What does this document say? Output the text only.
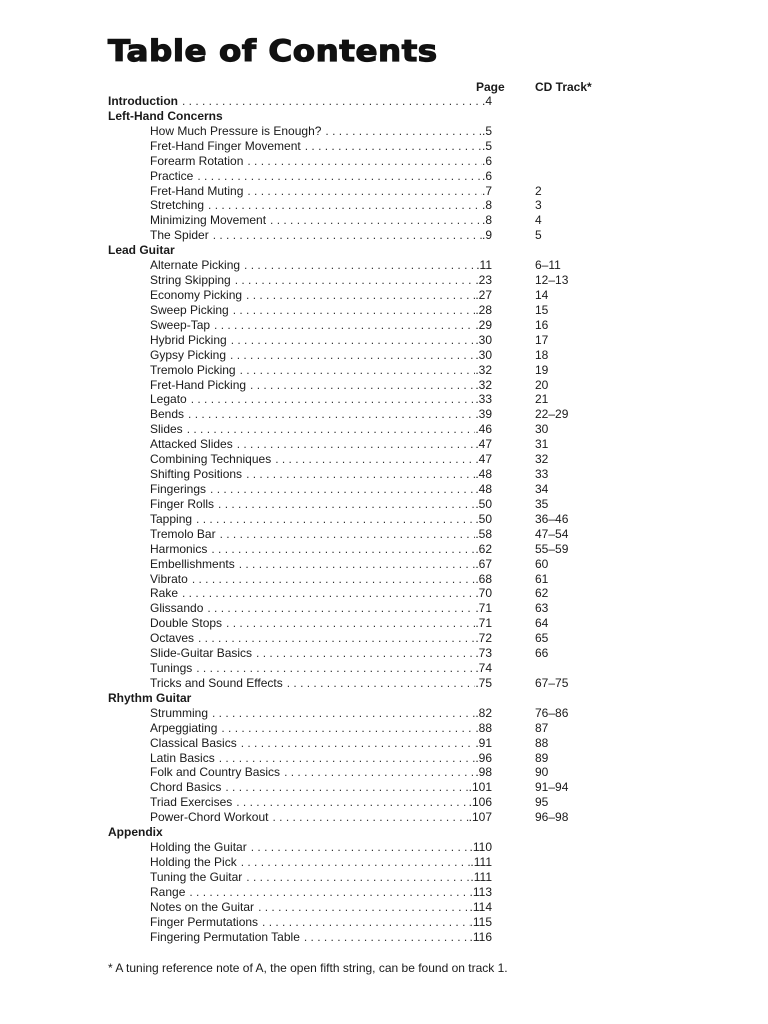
Table of Contents
Page	CD Track*
Introduction . . .	.4
Left-Hand Concerns
How Much Pressure is Enough? . . .	.5
Fret-Hand Finger Movement . . .	.5
Forearm Rotation . . .	.6
Practice . . .	.6
Fret-Hand Muting . . .	.7	2
Stretching . . .	.8	3
Minimizing Movement . . .	.8	4
The Spider . . .	.9	5
Lead Guitar
Alternate Picking . . .	.11	6–11
String Skipping . . .	.23	12–13
Economy Picking . . .	.27	14
Sweep Picking . . .	.28	15
Sweep-Tap . . .	.29	16
Hybrid Picking . . .	.30	17
Gypsy Picking . . .	.30	18
Tremolo Picking . . .	.32	19
Fret-Hand Picking . . .	.32	20
Legato . . .	.33	21
Bends . . .	.39	22–29
Slides . . .	.46	30
Attacked Slides . . .	.47	31
Combining Techniques . . .	.47	32
Shifting Positions . . .	.48	33
Fingerings . . .	.48	34
Finger Rolls . . .	.50	35
Tapping . . .	.50	36–46
Tremolo Bar . . .	.58	47–54
Harmonics . . .	.62	55–59
Embellishments . . .	.67	60
Vibrato . . .	.68	61
Rake . . .	.70	62
Glissando . . .	.71	63
Double Stops . . .	.71	64
Octaves . . .	.72	65
Slide-Guitar Basics . . .	.73	66
Tunings . . .	.74
Tricks and Sound Effects . . .	.75	67–75
Rhythm Guitar
Strumming . . .	.82	76–86
Arpeggiating . . .	.88	87
Classical Basics . . .	.91	88
Latin Basics . . .	.96	89
Folk and Country Basics . . .	.98	90
Chord Basics . . .	.101	91–94
Triad Exercises . . .	.106	95
Power-Chord Workout . . .	.107	96–98
Appendix
Holding the Guitar . . .	.110
Holding the Pick . . .	.111
Tuning the Guitar . . .	.111
Range . . .	.113
Notes on the Guitar . . .	.114
Finger Permutations . . .	.115
Fingering Permutation Table . . .	.116
* A tuning reference note of A, the open fifth string, can be found on track 1.
